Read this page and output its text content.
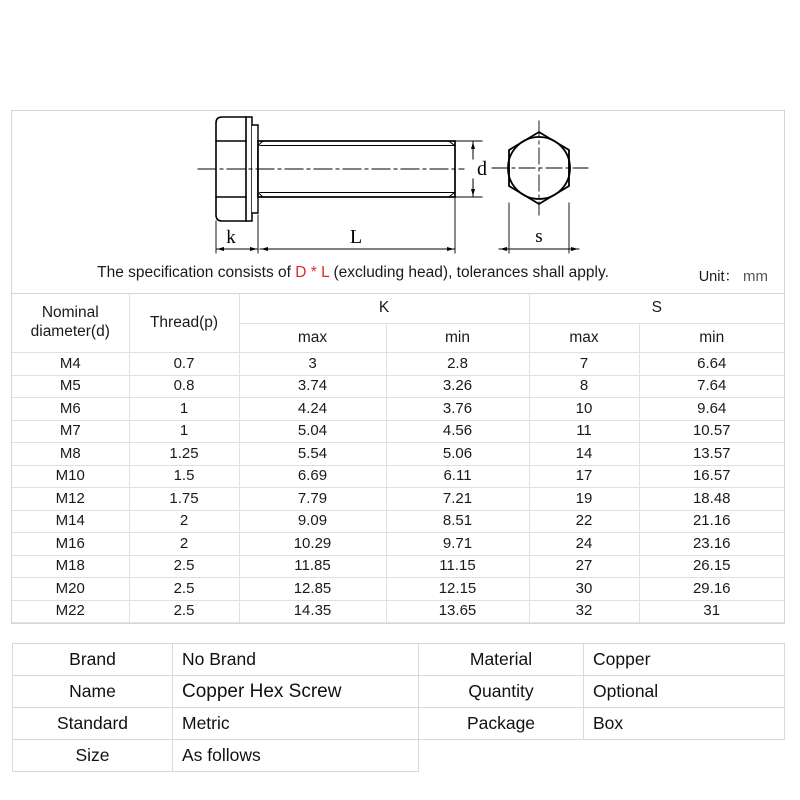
k	L
d
s
The specification consists of D * L (excluding head), tolerances shall apply.	Unit： mm
Nominal
diameter(d)	Thread(p)	K		S	
		max	min	max	min
M4	0.7	3	2.8	7	6.64
M5	0.8	3.74	3.26	8	7.64
M6	1	4.24	3.76	10	9.64
M7	1	5.04	4.56	11	10.57
M8	1.25	5.54	5.06	14	13.57
M10	1.5	6.69	6.11	17	16.57
M12	1.75	7.79	7.21	19	18.48
M14	2	9.09	8.51	22	21.16
M16	2	10.29	9.71	24	23.16
M18	2.5	11.85	11.15	27	26.15
M20	2.5	12.85	12.15	30	29.16
M22	2.5	14.35	13.65	32	31
Brand	No Brand	Material	Copper
Name	Copper Hex Screw	Quantity	Optional
Standard	Metric	Package	Box
Size	As follows		
